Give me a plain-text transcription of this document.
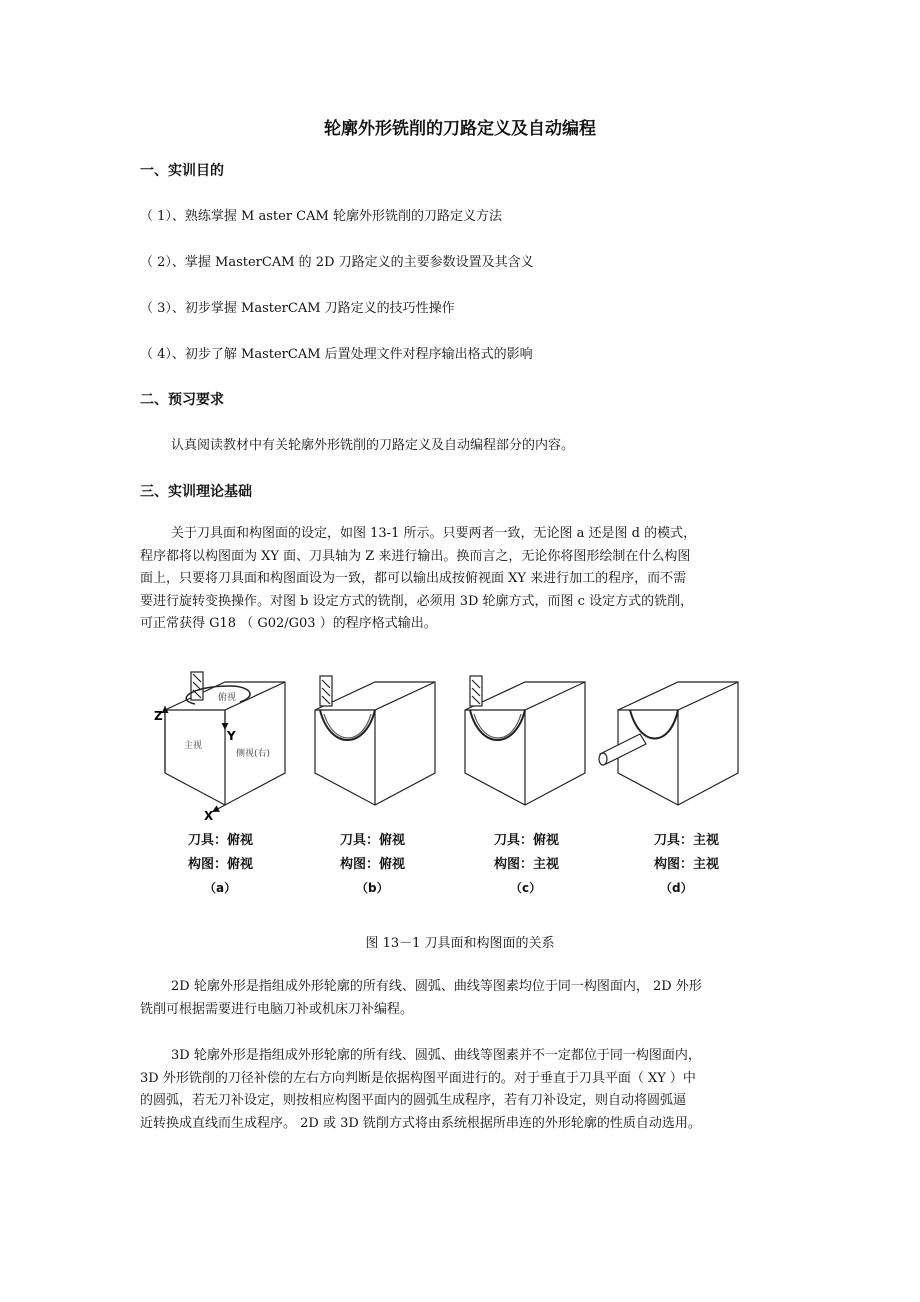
轮廓外形铣削的刀路定义及自动编程
一、实训目的

（ 1）、熟练掌握 M aster CAM 轮廓外形铣削的刀路定义方法

（ 2）、掌握 MasterCAM 的 2D 刀路定义的主要参数设置及其含义

（ 3）、初步掌握 MasterCAM 刀路定义的技巧性操作

（ 4）、初步了解 MasterCAM 后置处理文件对程序输出格式的影响

二、预习要求

认真阅读教材中有关轮廓外形铣削的刀路定义及自动编程部分的内容。

三、实训理论基础
关于刀具面和构图面的设定，如图 13-1 所示。只要两者一致，无论图 a 还是图 d 的模式，
程序都将以构图面为 XY 面、刀具轴为 Z 来进行输出。换而言之，无论你将图形绘制在什么构图
面上，只要将刀具面和构图面设为一致，都可以输出成按俯视面 XY 来进行加工的程序，而不需
要进行旋转变换操作。对图 b 设定方式的铣削，必须用 3D 轮廓方式，而图 c 设定方式的铣削，
可正常获得 G18 （ G02/G03 ）的程序格式输出。
Z
X
Y
俯视
主视
侧视(右)
刀具：俯视
构图：俯视
（a）
刀具：俯视
构图：俯视
（b）
刀具：俯视
构图：主视
（c）
刀具：主视
构图：主视
（d）

图 13－1 刀具面和构图面的关系

2D 轮廓外形是指组成外形轮廓的所有线、圆弧、曲线等图素均位于同一构图面内， 2D 外形
铣削可根据需要进行电脑刀补或机床刀补编程。
3D 轮廓外形是指组成外形轮廓的所有线、圆弧、曲线等图素并不一定都位于同一构图面内，
3D 外形铣削的刀径补偿的左右方向判断是依据构图平面进行的。对于垂直于刀具平面（ XY ）中
的圆弧，若无刀补设定，则按相应构图平面内的圆弧生成程序，若有刀补设定，则自动将圆弧逼
近转换成直线而生成程序。 2D 或 3D 铣削方式将由系统根据所串连的外形轮廓的性质自动选用。
